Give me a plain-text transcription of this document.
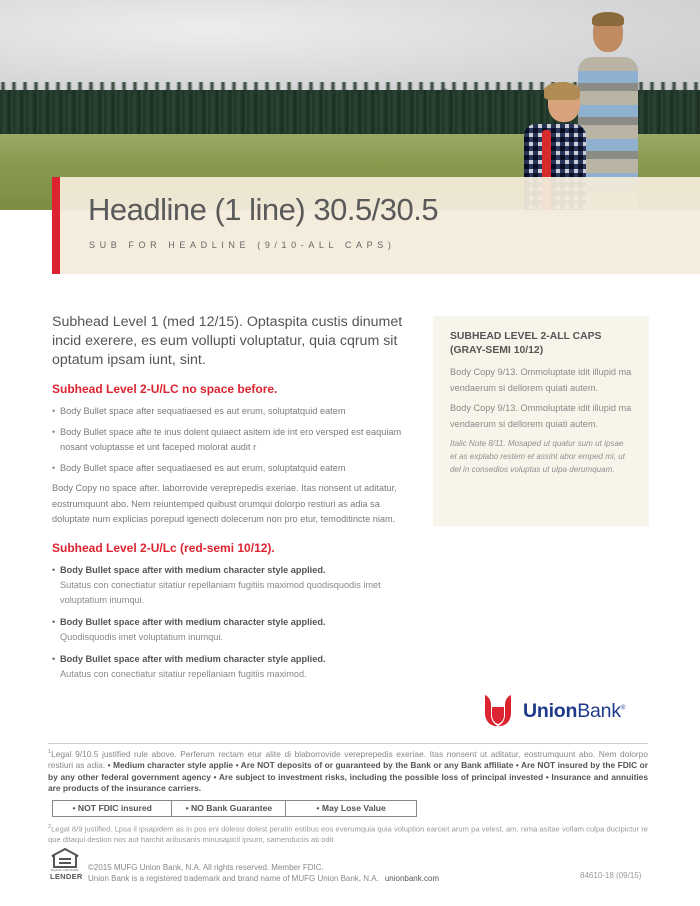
Headline (1 line) 30.5/30.5
SUB FOR HEADLINE (9/10-ALL CAPS)

Subhead Level 1 (med 12/15). Optaspita custis dinumet incid exerere, es eum vollupti voluptatur, quia cqrum sit optatum ipsam iunt, sint.

Subhead Level 2-U/LC no space before.

• Body Bullet space after sequatiaesed es aut erum, soluptatquid eatem
• Body Bullet space afte te inus dolent quiaect asitem ide int ero versped est eaquiam nosant voluptasse et unt faceped molorat audit r
• Body Bullet space after sequatiaesed es aut erum, soluptatquid eatem

Body Copy no space after. laborrovide vereprepedis exeriae. Itas nonsent ut aditatur, eostrumquunt abo. Nem reiuntemped quibust orumqui dolorpo restiuri as adia sa doluptate num explicias porepud igenecti dolecerum non pro etur, temoditincte niam.

Subhead Level 2-U/Lc (red-semi 10/12).

• Body Bullet space after with medium character style applied.
Sutatus con conectiatur sitatiur repellaniam fugitiis maximod quodisquodis imet voluptatium inumqui.
• Body Bullet space after with medium character style applied.
Quodisquodis imet voluptatium inumqui.
• Body Bullet space after with medium character style applied.
Autatus con conectiatur sitatiur repellaniam fugitiis maximod.

SUBHEAD LEVEL 2-ALL CAPS (GRAY-SEMI 10/12)

Body Copy 9/13. Ommoluptate idit illupid ma vendaerum si dellorem quiati autem.

Body Copy 9/13. Ommoluptate idit illupid ma vendaerum si dellorem quiati autem.

Italic Note 8/11. Mosaped ut quatur sum ut ipsae et as explabo restem et assint abor emped mi, ut del in consedios voluptas ut ulpa derumquam.

UnionBank®

$^1$Legal 9/10.5 justified rule above. Perferum rectam etur alite di blaborrovide vereprepedis exeriae. Itas nonsent ut aditatur, eostrumquunt abo. Nem dolorpo restiuri as adia: • Medium character style applie • Are NOT deposits of or guaranteed by the Bank or any Bank affiliate • Are NOT insured by the FDIC or by any other federal government agency • Are subject to investment risks, including the possible loss of principal invested • Insurance and annuities are products of the insurance carriers.

• NOT FDIC insured	• NO Bank Guarantee	• May Lose Value

$^2$Legal 8/9 justified. Lpsa il ipsapidem as in pos eni dolessi dolest peratin estibus eos everumquia quia voluption earciet arum pa velest, am, nima asitae vollam culpa ducipictur re que ditaqui destion nos aut harchit aribusanis minusapicil ipsum, samenduciis ati odit

EQUAL HOUSING
LENDER
©2015 MUFG Union Bank, N.A. All rights reserved. Member FDIC.
Union Bank is a registered trademark and brand name of MUFG Union Bank, N.A. unionbank.com	84610-18 (09/15)
